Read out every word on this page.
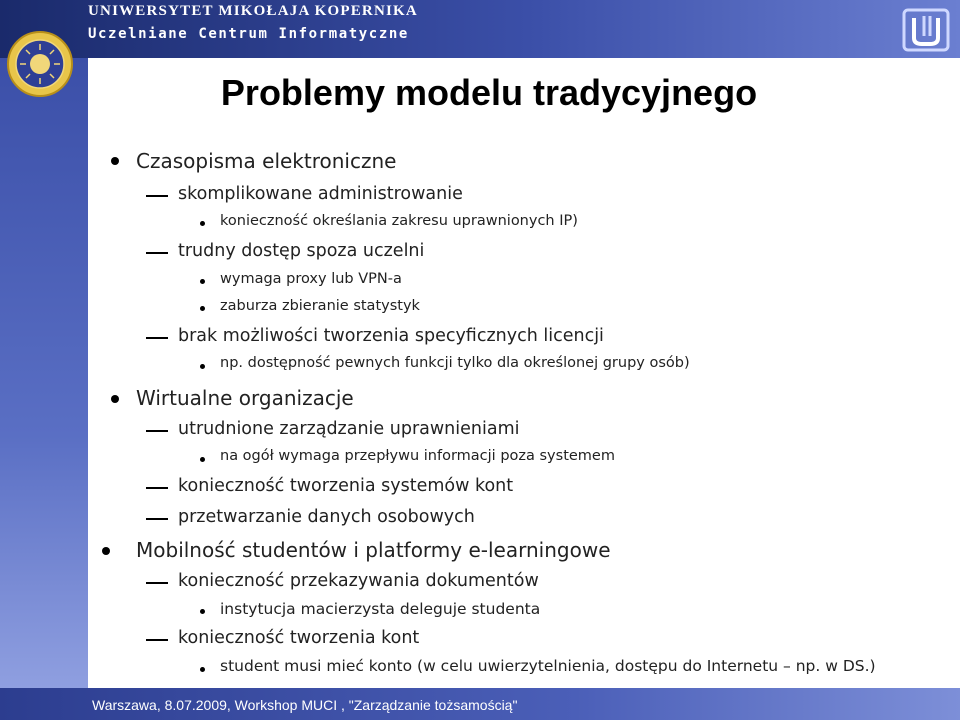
UNIWERSYTET MIKOŁAJA KOPERNIKA
Uczelniane Centrum Informatyczne
Problemy modelu tradycyjnego
Czasopisma elektroniczne
skomplikowane administrowanie
konieczność określania zakresu uprawnionych IP)
trudny dostęp spoza uczelni
wymaga proxy lub VPN-a
zaburza zbieranie statystyk
brak możliwości tworzenia specyficznych licencji
np. dostępność pewnych funkcji tylko dla określonej grupy osób)
Wirtualne organizacje
utrudnione zarządzanie uprawnieniami
na ogół wymaga przepływu informacji poza systemem
konieczność tworzenia systemów kont
przetwarzanie danych osobowych
Mobilność studentów i platformy e-learningowe
konieczność przekazywania dokumentów
instytucja macierzysta deleguje studenta
konieczność tworzenia kont
student musi mieć konto (w celu uwierzytelnienia, dostępu do Internetu – np. w DS.)
Warszawa, 8.07.2009, Workshop MUCI , "Zarządzanie tożsamością"
